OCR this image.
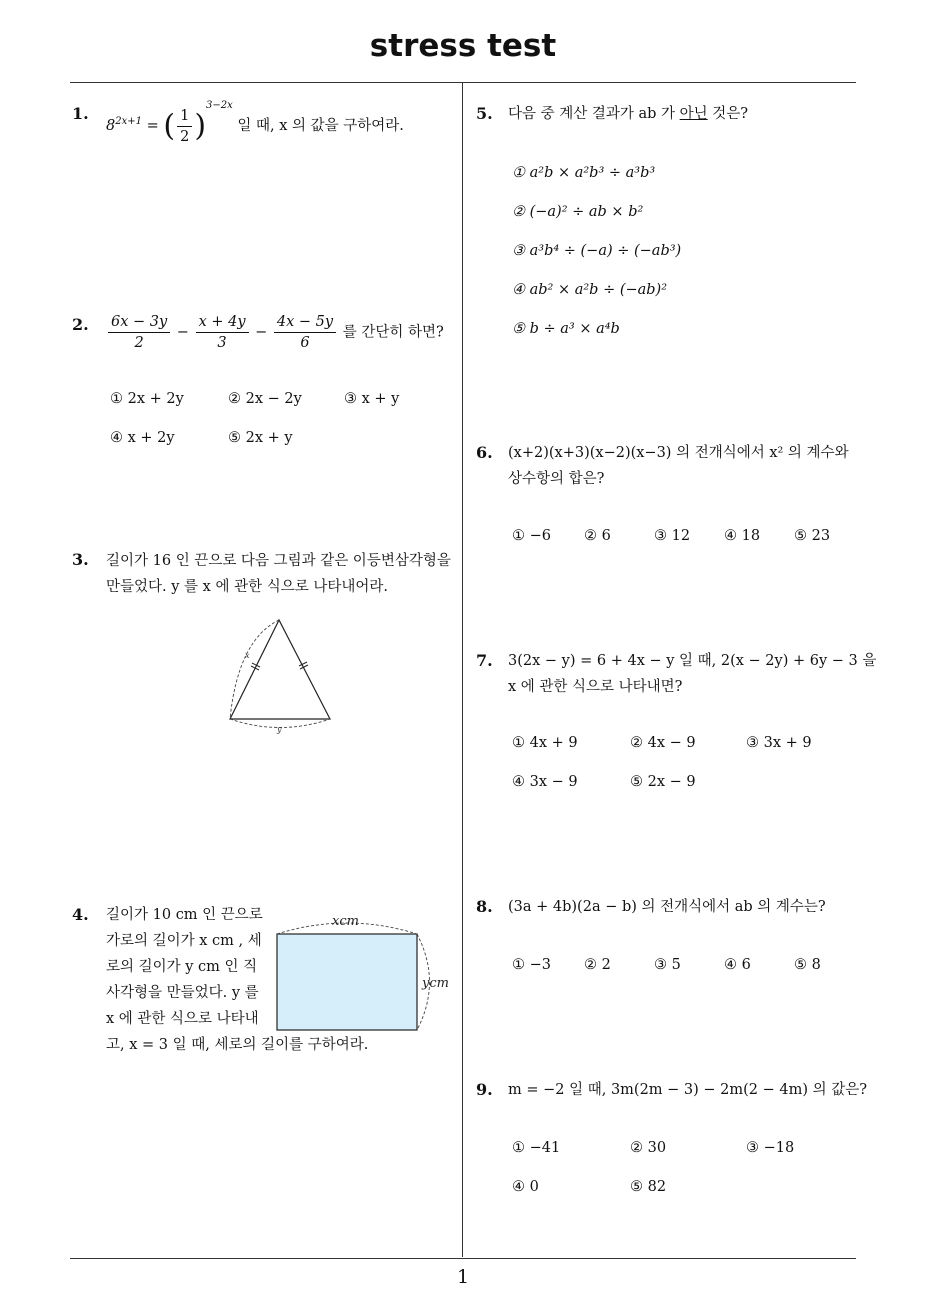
stress test
1
1.
$8^{2x+1}$ = ( $\frac{1}{2} )^{3-2x}$ 일 때, x 의 값을 구하여라.
2. $\frac{6x - 3y}{2} - \frac{x + 4y}{3} - \frac{4x - 5y}{6}$ 를 간단히 하면?
① 2x + 2y	② 2x − 2y	③ x + y
④ x + 2y	⑤ 2x + y
3. 길이가 16 인 끈으로 다음 그림과 같은 이등변삼각형을
만들었다. y 를 x 에 관한 식으로 나타내어라.
x
y
4. 길이가 10 cm 인 끈으로
가로의 길이가 x cm , 세
로의 길이가 y cm 인 직
사각형을 만들었다. y 를
x 에 관한 식으로 나타내
고, x = 3 일 때, 세로의 길이를 구하여라.
xcm
ycm
5. 다음 중 계산 결과가 ab 가 아닌 것은?
① a²b × a²b³ ÷ a³b³
② (−a)² ÷ ab × b²
③ a³b⁴ ÷ (−a) ÷ (−ab³)
④ ab² × a²b ÷ (−ab)²
⑤ b ÷ a³ × a⁴b
6. (x+2)(x+3)(x−2)(x−3) 의 전개식에서 x² 의 계수와
상수항의 합은?
① −6 ② 6	③ 12 ④ 18 ⑤ 23
7. 3(2x − y) = 6 + 4x − y 일 때, 2(x − 2y) + 6y − 3 을
x 에 관한 식으로 나타내면?
① 4x + 9	② 4x − 9	③ 3x + 9
④ 3x − 9	⑤ 2x − 9
8. (3a + 4b)(2a − b) 의 전개식에서 ab 의 계수는?
① −3 ② 2	③ 5	④ 6	⑤ 8
9. m = −2 일 때, 3m(2m − 3) − 2m(2 − 4m) 의 값은?
① −41	② 30	③ −18
④ 0	⑤ 82
